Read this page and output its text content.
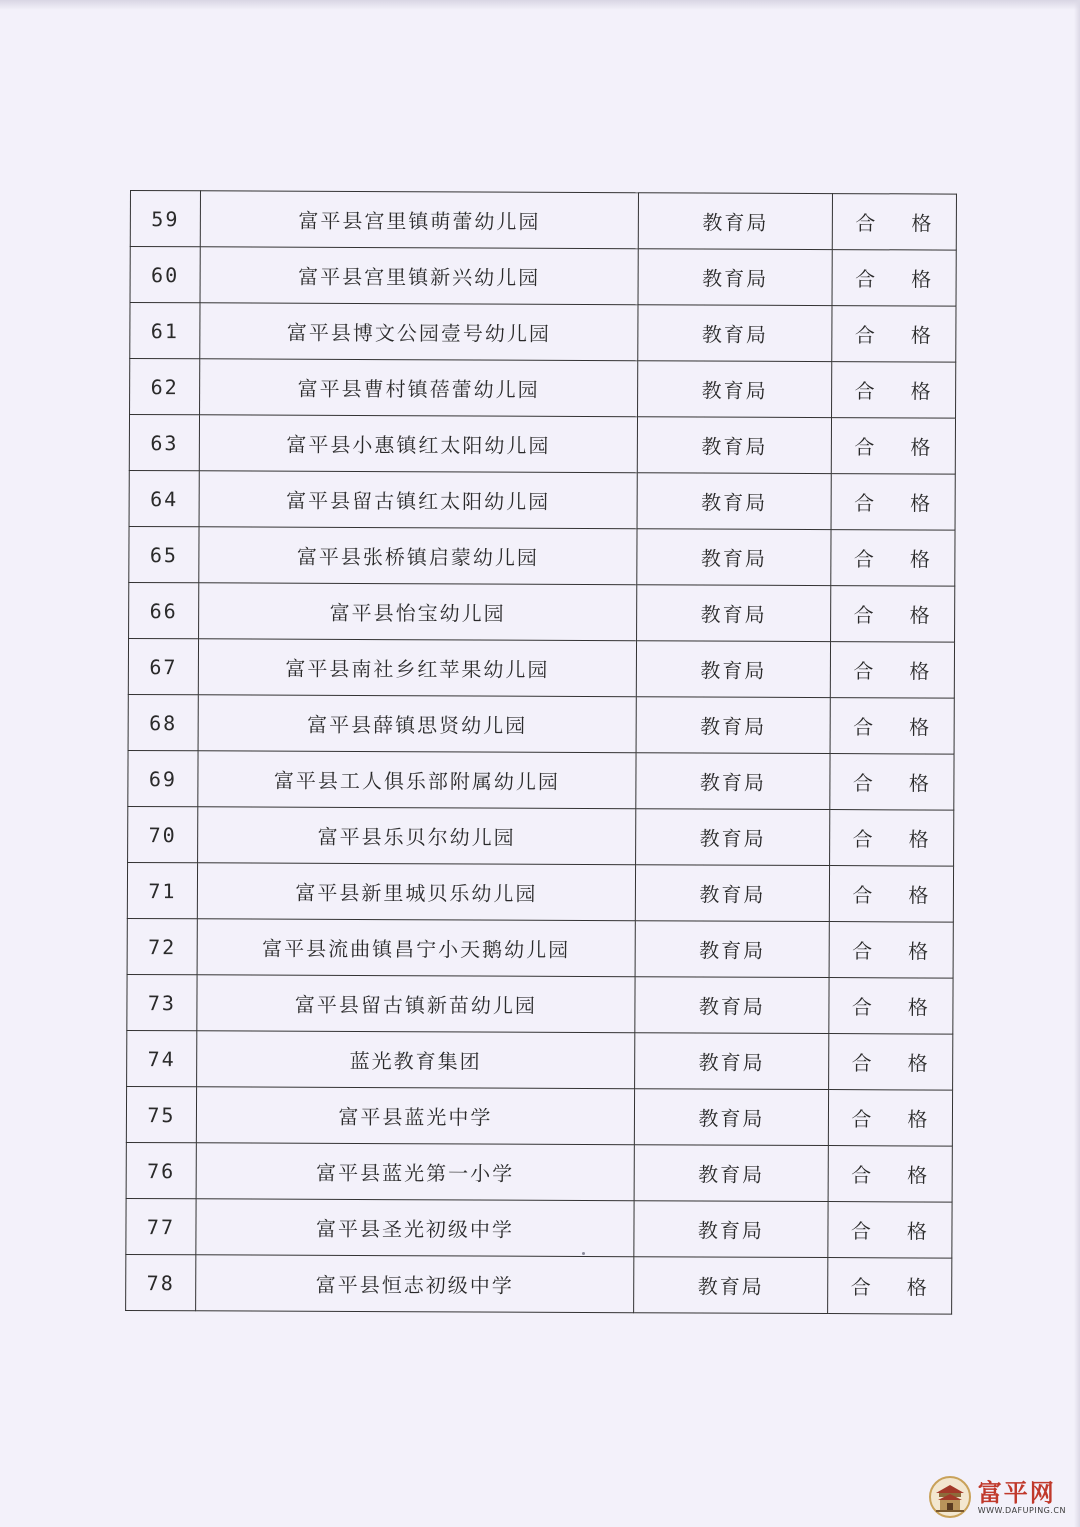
59	富平县宫里镇萌蕾幼儿园	教育局	合 格
60	富平县宫里镇新兴幼儿园	教育局	合 格
61	富平县博文公园壹号幼儿园	教育局	合 格
62	富平县曹村镇蓓蕾幼儿园	教育局	合 格
63	富平县小惠镇红太阳幼儿园	教育局	合 格
64	富平县留古镇红太阳幼儿园	教育局	合 格
65	富平县张桥镇启蒙幼儿园	教育局	合 格
66	富平县怡宝幼儿园	教育局	合 格
67	富平县南社乡红苹果幼儿园	教育局	合 格
68	富平县薛镇思贤幼儿园	教育局	合 格
69	富平县工人俱乐部附属幼儿园	教育局	合 格
70	富平县乐贝尔幼儿园	教育局	合 格
71	富平县新里城贝乐幼儿园	教育局	合 格
72	富平县流曲镇昌宁小天鹅幼儿园	教育局	合 格
73	富平县留古镇新苗幼儿园	教育局	合 格
74	蓝光教育集团	教育局	合 格
75	富平县蓝光中学	教育局	合 格
76	富平县蓝光第一小学	教育局	合 格
77	富平县圣光初级中学	教育局	合 格
78	富平县恒志初级中学	教育局	合 格
富平网
WWW.DAFUPING.CN
